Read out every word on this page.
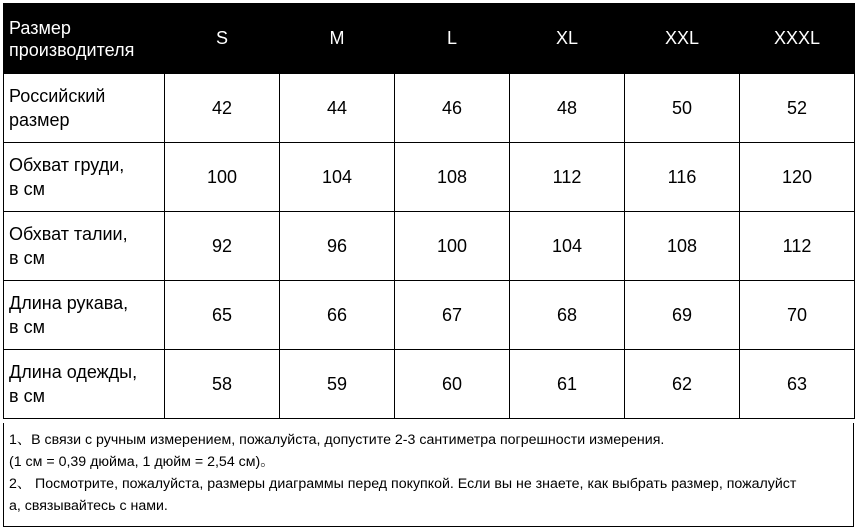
Размер
производителя	S	M	L	XL	XXL	XXXL

Российский
размер	42	44	46	48	50	52

Обхват груди,
в см	100	104	108	112	116	120

Обхват талии,
в см	92	96	100	104	108	112

Длина рукава,
в см	65	66	67	68	69	70

Длина одежды,
в см	58	59	60	61	62	63
1、В связи с ручным измерением, пожалуйста, допустите 2-3 сантиметра погрешности измерения.
(1 см = 0,39 дюйма, 1 дюйм = 2,54 см)。
2、 Посмотрите, пожалуйста, размеры диаграммы перед покупкой. Если вы не знаете, как выбрать размер, пожалуйст
а, связывайтесь с нами.
